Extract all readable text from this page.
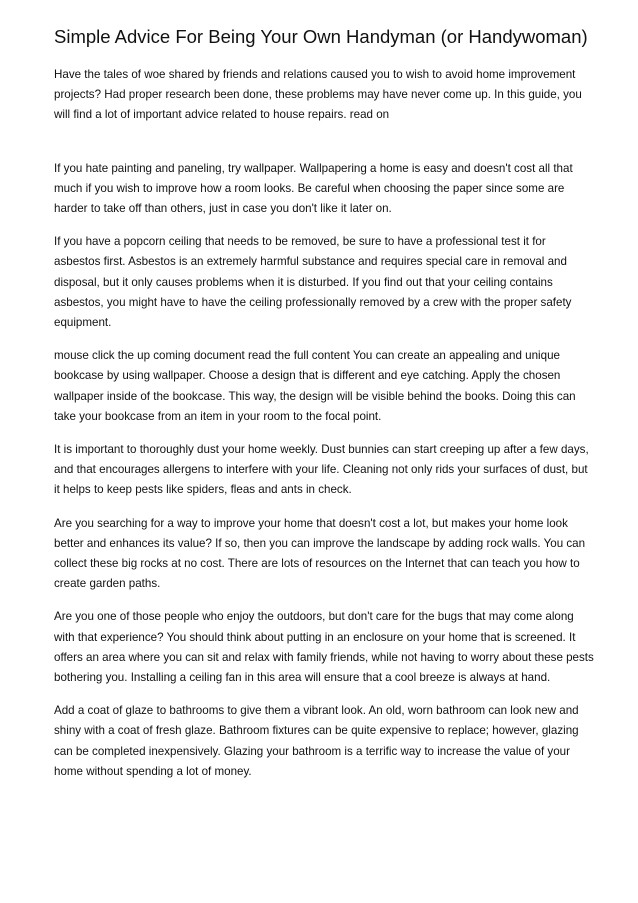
Simple Advice For Being Your Own Handyman (or Handywoman)

Have the tales of woe shared by friends and relations caused you to wish to avoid home improvement projects? Had proper research been done, these problems may have never come up. In this guide, you will find a lot of important advice related to house repairs. read on

If you hate painting and paneling, try wallpaper. Wallpapering a home is easy and doesn't cost all that much if you wish to improve how a room looks. Be careful when choosing the paper since some are harder to take off than others, just in case you don't like it later on.

If you have a popcorn ceiling that needs to be removed, be sure to have a professional test it for asbestos first. Asbestos is an extremely harmful substance and requires special care in removal and disposal, but it only causes problems when it is disturbed. If you find out that your ceiling contains asbestos, you might have to have the ceiling professionally removed by a crew with the proper safety equipment.

mouse click the up coming document read the full content You can create an appealing and unique bookcase by using wallpaper. Choose a design that is different and eye catching. Apply the chosen wallpaper inside of the bookcase. This way, the design will be visible behind the books. Doing this can take your bookcase from an item in your room to the focal point.

It is important to thoroughly dust your home weekly. Dust bunnies can start creeping up after a few days, and that encourages allergens to interfere with your life. Cleaning not only rids your surfaces of dust, but it helps to keep pests like spiders, fleas and ants in check.

Are you searching for a way to improve your home that doesn't cost a lot, but makes your home look better and enhances its value? If so, then you can improve the landscape by adding rock walls. You can collect these big rocks at no cost. There are lots of resources on the Internet that can teach you how to create garden paths.

Are you one of those people who enjoy the outdoors, but don't care for the bugs that may come along with that experience? You should think about putting in an enclosure on your home that is screened. It offers an area where you can sit and relax with family friends, while not having to worry about these pests bothering you. Installing a ceiling fan in this area will ensure that a cool breeze is always at hand.

Add a coat of glaze to bathrooms to give them a vibrant look. An old, worn bathroom can look new and shiny with a coat of fresh glaze. Bathroom fixtures can be quite expensive to replace; however, glazing can be completed inexpensively. Glazing your bathroom is a terrific way to increase the value of your home without spending a lot of money.
